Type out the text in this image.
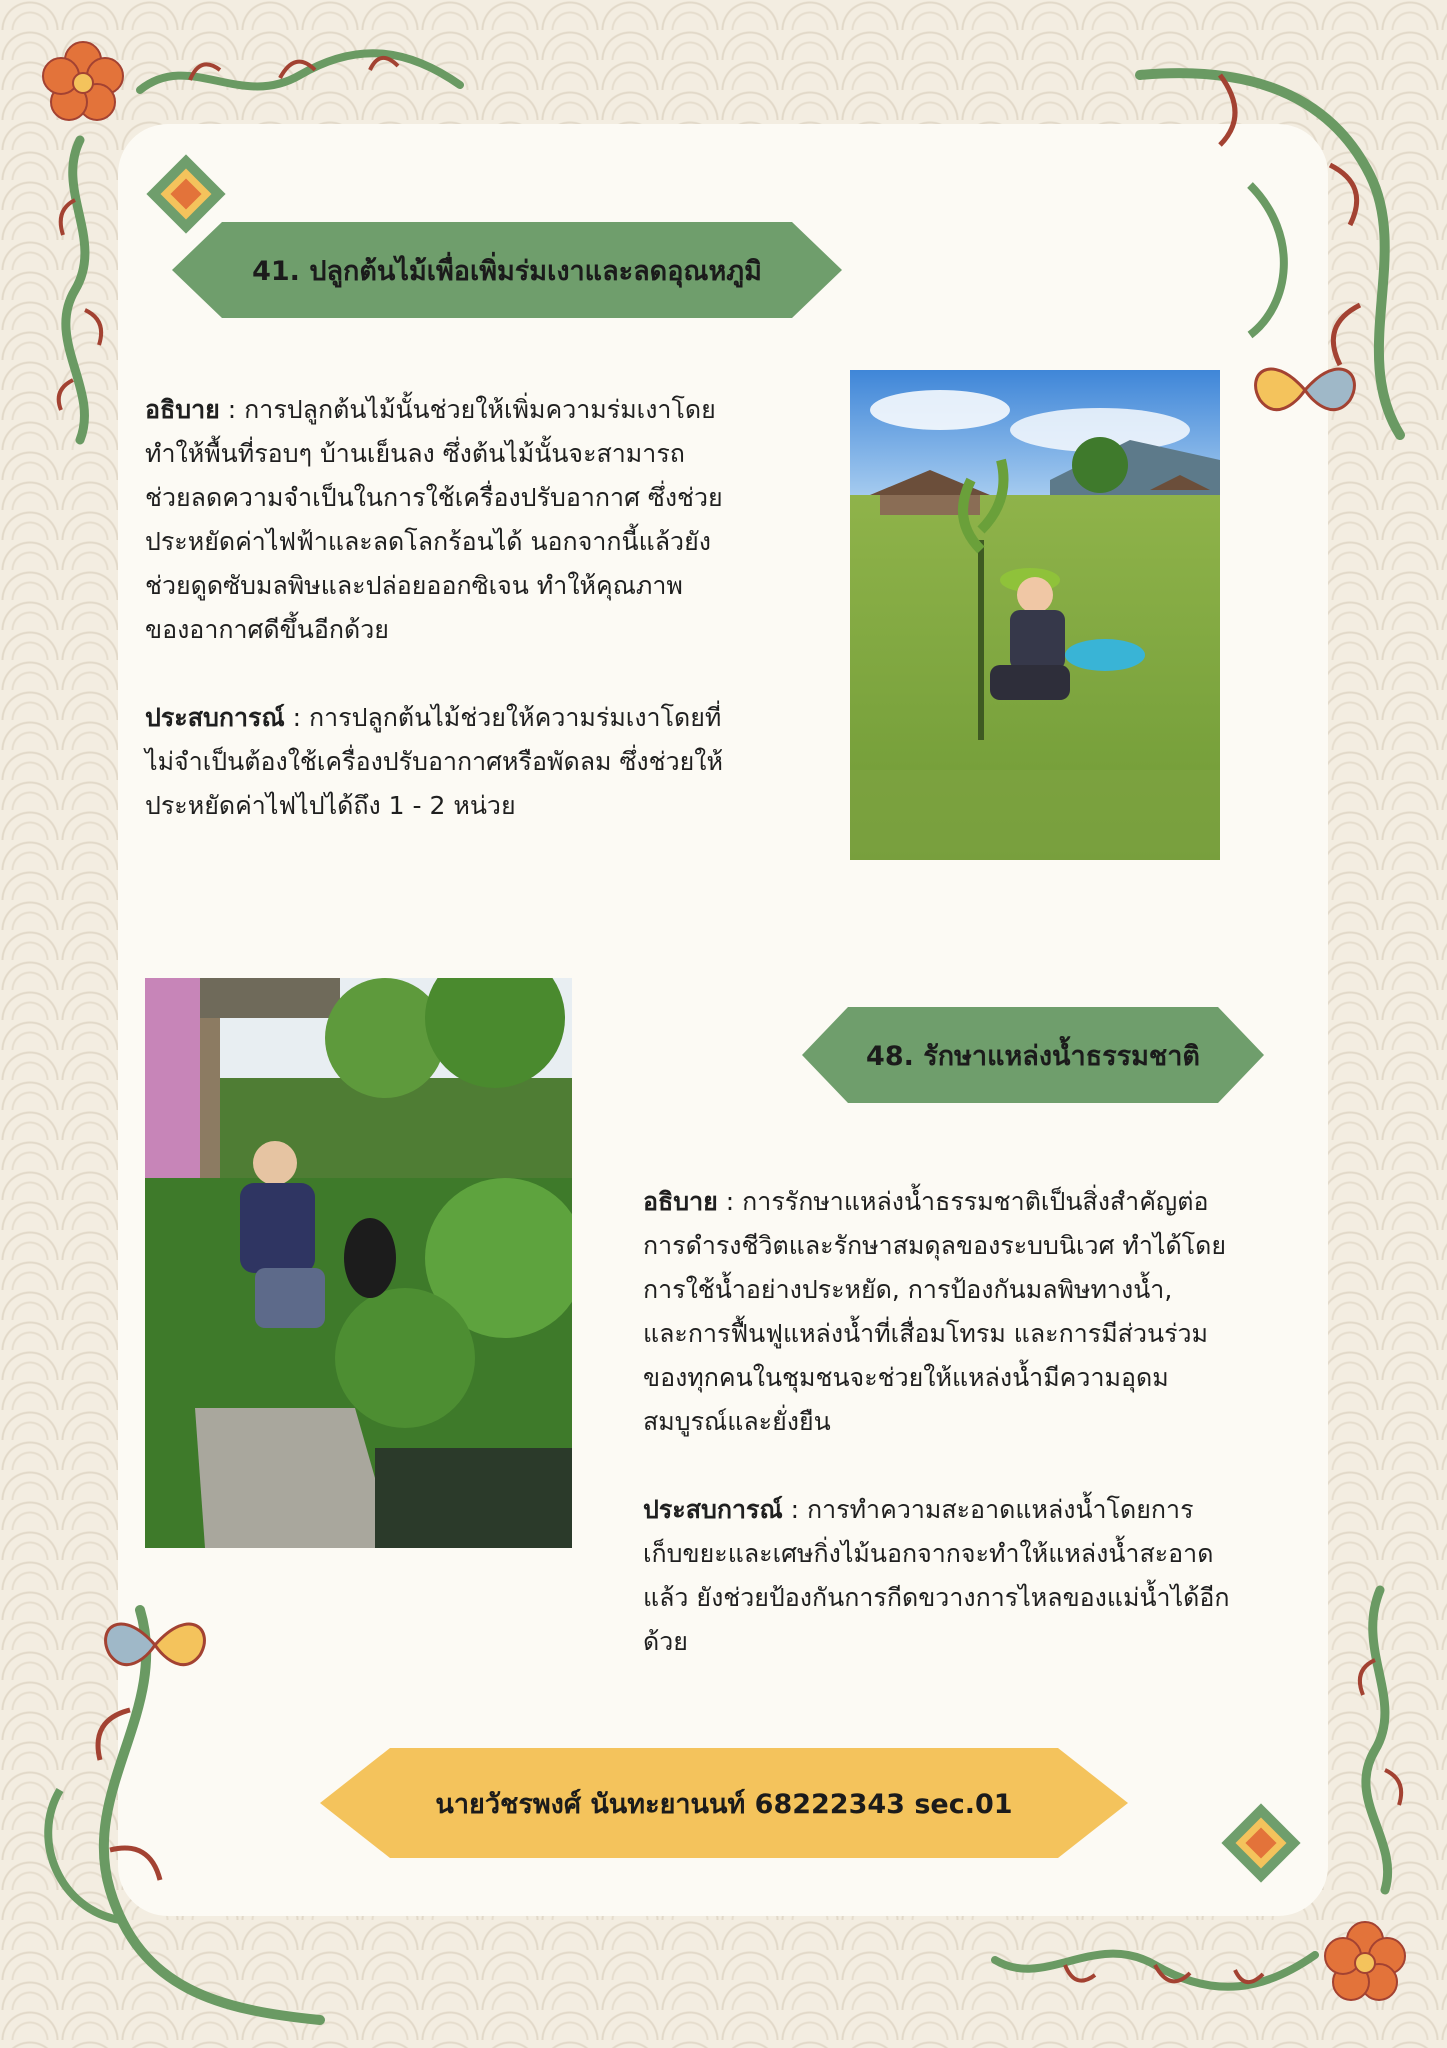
41. ปลูกต้นไม้เพื่อเพิ่มร่มเงาและลดอุณหภูมิ

อธิบาย : การปลูกต้นไม้นั้นช่วยให้เพิ่มความร่มเงาโดย

ทำให้พื้นที่รอบๆ บ้านเย็นลง ซึ่งต้นไม้นั้นจะสามารถ

ช่วยลดความจำเป็นในการใช้เครื่องปรับอากาศ ซึ่งช่วย

ประหยัดค่าไฟฟ้าและลดโลกร้อนได้ นอกจากนี้แล้วยัง

ช่วยดูดซับมลพิษและปล่อยออกซิเจน ทำให้คุณภาพ

ของอากาศดีขึ้นอีกด้วย

ประสบการณ์ : การปลูกต้นไม้ช่วยให้ความร่มเงาโดยที่

ไม่จำเป็นต้องใช้เครื่องปรับอากาศหรือพัดลม ซึ่งช่วยให้

ประหยัดค่าไฟไปได้ถึง 1 - 2 หน่วย

48. รักษาแหล่งน้ำธรรมชาติ

อธิบาย : การรักษาแหล่งน้ำธรรมชาติเป็นสิ่งสำคัญต่อ

การดำรงชีวิตและรักษาสมดุลของระบบนิเวศ ทำได้โดย

การใช้น้ำอย่างประหยัด, การป้องกันมลพิษทางน้ำ,

และการฟื้นฟูแหล่งน้ำที่เสื่อมโทรม และการมีส่วนร่วม

ของทุกคนในชุมชนจะช่วยให้แหล่งน้ำมีความอุดม

สมบูรณ์และยั่งยืน

ประสบการณ์ : การทำความสะอาดแหล่งน้ำโดยการ

เก็บขยะและเศษกิ่งไม้นอกจากจะทำให้แหล่งน้ำสะอาด

แล้ว ยังช่วยป้องกันการกีดขวางการไหลของแม่น้ำได้อีก

ด้วย

นายวัชรพงศ์ นันทะยานนท์ 68222343 sec.01
